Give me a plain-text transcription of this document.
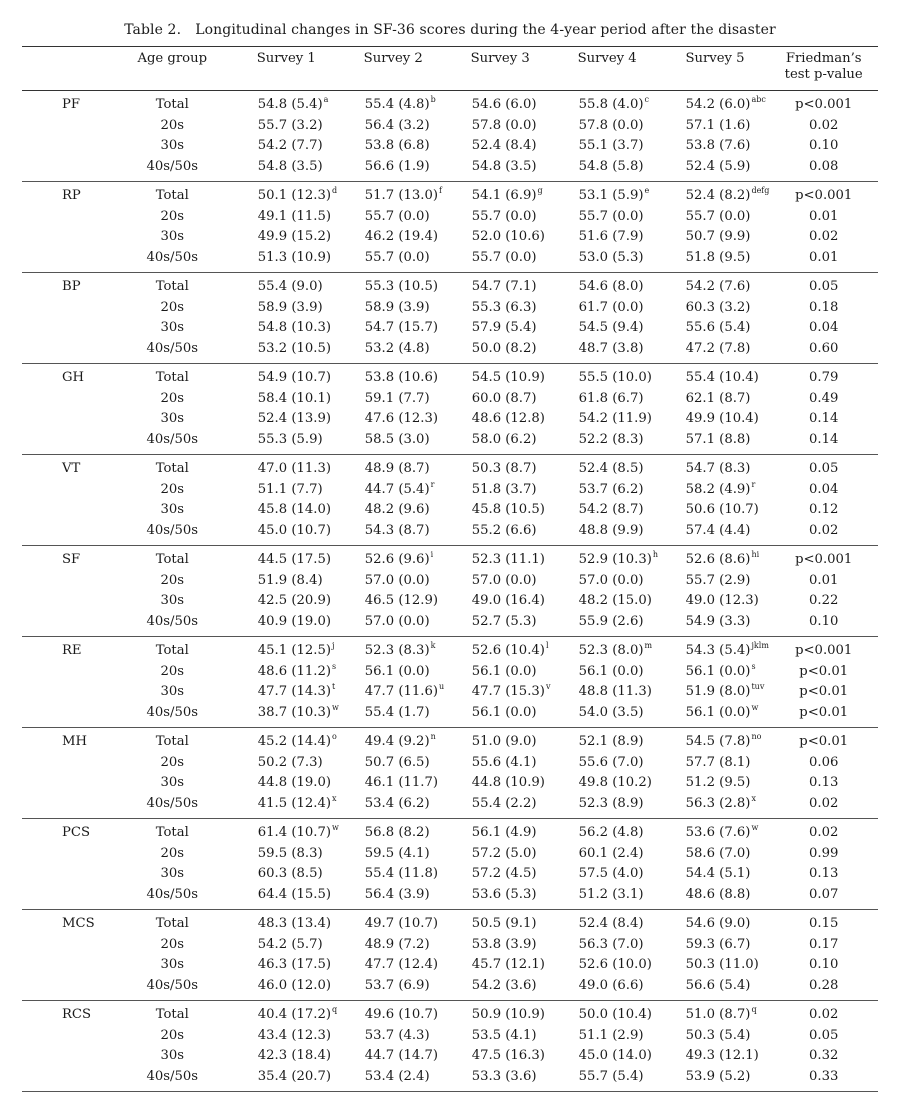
Table 2. Longitudinal changes in SF-36 scores during the 4-year period after the disaster
	Age group	Survey 1	Survey 2	Survey 3	Survey 4	Survey 5	Friedman’s
test p-value

PF	Total	54.8 $(5.4)^a$	55.4 $(4.8)^b$	54.6 (6.0)	55.8 $(4.0)^c$	54.2 $(6.0)^{abc}$	p<0.001
	20s	55.7 (3.2)	56.4 (3.2)	57.8 (0.0)	57.8 (0.0)	57.1 (1.6)	0.02
	30s	54.2 (7.7)	53.8 (6.8)	52.4 (8.4)	55.1 (3.7)	53.8 (7.6)	0.10
	40s/50s	54.8 (3.5)	56.6 (1.9)	54.8 (3.5)	54.8 (5.8)	52.4 (5.9)	0.08
RP	Total	50.1 $(12.3)^d$	51.7 $(13.0)^f$	54.1 $(6.9)^g$	53.1 $(5.9)^e$	52.4 $(8.2)^{defg}$	p<0.001
	20s	49.1 (11.5)	55.7 (0.0)	55.7 (0.0)	55.7 (0.0)	55.7 (0.0)	0.01
	30s	49.9 (15.2)	46.2 (19.4)	52.0 (10.6)	51.6 (7.9)	50.7 (9.9)	0.02
	40s/50s	51.3 (10.9)	55.7 (0.0)	55.7 (0.0)	53.0 (5.3)	51.8 (9.5)	0.01
BP	Total	55.4 (9.0)	55.3 (10.5)	54.7 (7.1)	54.6 (8.0)	54.2 (7.6)	0.05
	20s	58.9 (3.9)	58.9 (3.9)	55.3 (6.3)	61.7 (0.0)	60.3 (3.2)	0.18
	30s	54.8 (10.3)	54.7 (15.7)	57.9 (5.4)	54.5 (9.4)	55.6 (5.4)	0.04
	40s/50s	53.2 (10.5)	53.2 (4.8)	50.0 (8.2)	48.7 (3.8)	47.2 (7.8)	0.60
GH	Total	54.9 (10.7)	53.8 (10.6)	54.5 (10.9)	55.5 (10.0)	55.4 (10.4)	0.79
	20s	58.4 (10.1)	59.1 (7.7)	60.0 (8.7)	61.8 (6.7)	62.1 (8.7)	0.49
	30s	52.4 (13.9)	47.6 (12.3)	48.6 (12.8)	54.2 (11.9)	49.9 (10.4)	0.14
	40s/50s	55.3 (5.9)	58.5 (3.0)	58.0 (6.2)	52.2 (8.3)	57.1 (8.8)	0.14
VT	Total	47.0 (11.3)	48.9 (8.7)	50.3 (8.7)	52.4 (8.5)	54.7 (8.3)	0.05
	20s	51.1 (7.7)	44.7 $(5.4)^r$	51.8 (3.7)	53.7 (6.2)	58.2 $(4.9)^r$	0.04
	30s	45.8 (14.0)	48.2 (9.6)	45.8 (10.5)	54.2 (8.7)	50.6 (10.7)	0.12
	40s/50s	45.0 (10.7)	54.3 (8.7)	55.2 (6.6)	48.8 (9.9)	57.4 (4.4)	0.02
SF	Total	44.5 (17.5)	52.6 $(9.6)^i$	52.3 (11.1)	52.9 $(10.3)^h$	52.6 $(8.6)^{hi}$	p<0.001
	20s	51.9 (8.4)	57.0 (0.0)	57.0 (0.0)	57.0 (0.0)	55.7 (2.9)	0.01
	30s	42.5 (20.9)	46.5 (12.9)	49.0 (16.4)	48.2 (15.0)	49.0 (12.3)	0.22
	40s/50s	40.9 (19.0)	57.0 (0.0)	52.7 (5.3)	55.9 (2.6)	54.9 (3.3)	0.10
RE	Total	45.1 $(12.5)^j$	52.3 $(8.3)^k$	52.6 $(10.4)^l$	52.3 $(8.0)^m$	54.3 $(5.4)^{jklm}$	p<0.001
	20s	48.6 $(11.2)^s$	56.1 (0.0)	56.1 (0.0)	56.1 (0.0)	56.1 $(0.0)^s$	p<0.01
	30s	47.7 $(14.3)^t$	47.7 $(11.6)^u$	47.7 $(15.3)^v$	48.8 (11.3)	51.9 $(8.0)^{tuv}$	p<0.01
	40s/50s	38.7 $(10.3)^w$	55.4 (1.7)	56.1 (0.0)	54.0 (3.5)	56.1 $(0.0)^w$	p<0.01
MH	Total	45.2 $(14.4)^o$	49.4 $(9.2)^n$	51.0 (9.0)	52.1 (8.9)	54.5 $(7.8)^{no}$	p<0.01
	20s	50.2 (7.3)	50.7 (6.5)	55.6 (4.1)	55.6 (7.0)	57.7 (8.1)	0.06
	30s	44.8 (19.0)	46.1 (11.7)	44.8 (10.9)	49.8 (10.2)	51.2 (9.5)	0.13
	40s/50s	41.5 $(12.4)^x$	53.4 (6.2)	55.4 (2.2)	52.3 (8.9)	56.3 $(2.8)^x$	0.02
PCS	Total	61.4 $(10.7)^w$	56.8 (8.2)	56.1 (4.9)	56.2 (4.8)	53.6 $(7.6)^w$	0.02
	20s	59.5 (8.3)	59.5 (4.1)	57.2 (5.0)	60.1 (2.4)	58.6 (7.0)	0.99
	30s	60.3 (8.5)	55.4 (11.8)	57.2 (4.5)	57.5 (4.0)	54.4 (5.1)	0.13
	40s/50s	64.4 (15.5)	56.4 (3.9)	53.6 (5.3)	51.2 (3.1)	48.6 (8.8)	0.07
MCS	Total	48.3 (13.4)	49.7 (10.7)	50.5 (9.1)	52.4 (8.4)	54.6 (9.0)	0.15
	20s	54.2 (5.7)	48.9 (7.2)	53.8 (3.9)	56.3 (7.0)	59.3 (6.7)	0.17
	30s	46.3 (17.5)	47.7 (12.4)	45.7 (12.1)	52.6 (10.0)	50.3 (11.0)	0.10
	40s/50s	46.0 (12.0)	53.7 (6.9)	54.2 (3.6)	49.0 (6.6)	56.6 (5.4)	0.28
RCS	Total	40.4 $(17.2)^q$	49.6 (10.7)	50.9 (10.9)	50.0 (10.4)	51.0 $(8.7)^q$	0.02
	20s	43.4 (12.3)	53.7 (4.3)	53.5 (4.1)	51.1 (2.9)	50.3 (5.4)	0.05
	30s	42.3 (18.4)	44.7 (14.7)	47.5 (16.3)	45.0 (14.0)	49.3 (12.1)	0.32
	40s/50s	35.4 (20.7)	53.4 (2.4)	53.3 (3.6)	55.7 (5.4)	53.9 (5.2)	0.33
